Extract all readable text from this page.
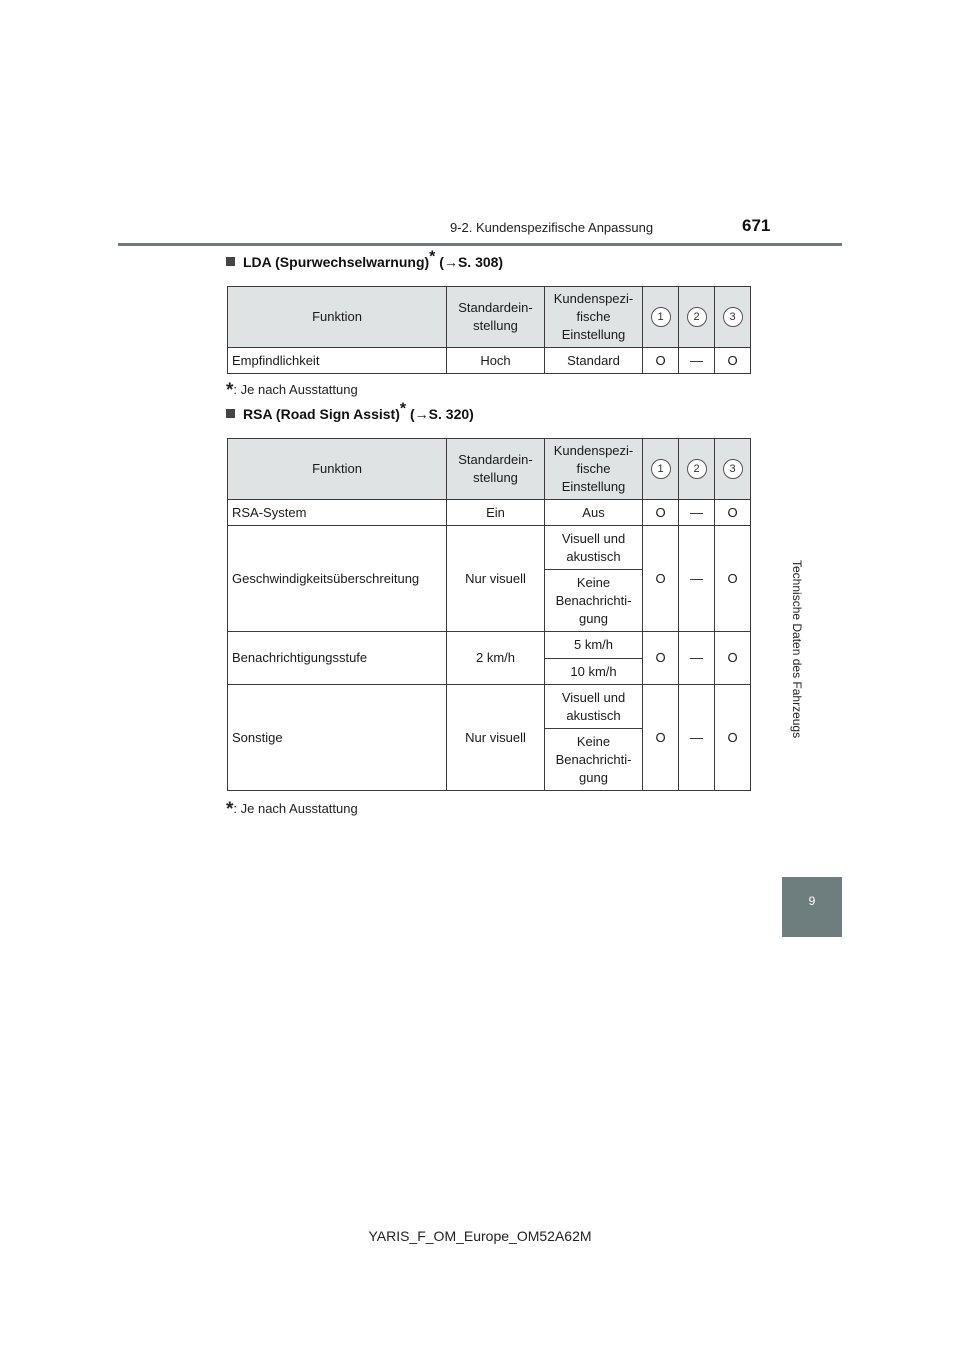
9-2. Kundenspezifische Anpassung	671
Technische Daten des Fahrzeugs
9
LDA (Spurwechselwarnung)* (→S. 308)
Funktion	Standardein-stellung	Kundenspezi-fische Einstellung	1	2	3
Empfindlichkeit	Hoch	Standard	O	—	O
*: Je nach Ausstattung
RSA (Road Sign Assist)* (→S. 320)
Funktion	Standardein-stellung	Kundenspezi-fische Einstellung	1	2	3
RSA-System	Ein	Aus	O	—	O
Geschwindigkeitsüberschreitung	Nur visuell	Visuell und akustisch	O	—	O
		Keine Benachrichti-gung			
Benachrichtigungsstufe	2 km/h	5 km/h	O	—	O
		10 km/h			
Sonstige	Nur visuell	Visuell und akustisch	O	—	O
		Keine Benachrichti-gung			
*: Je nach Ausstattung
YARIS_F_OM_Europe_OM52A62M
